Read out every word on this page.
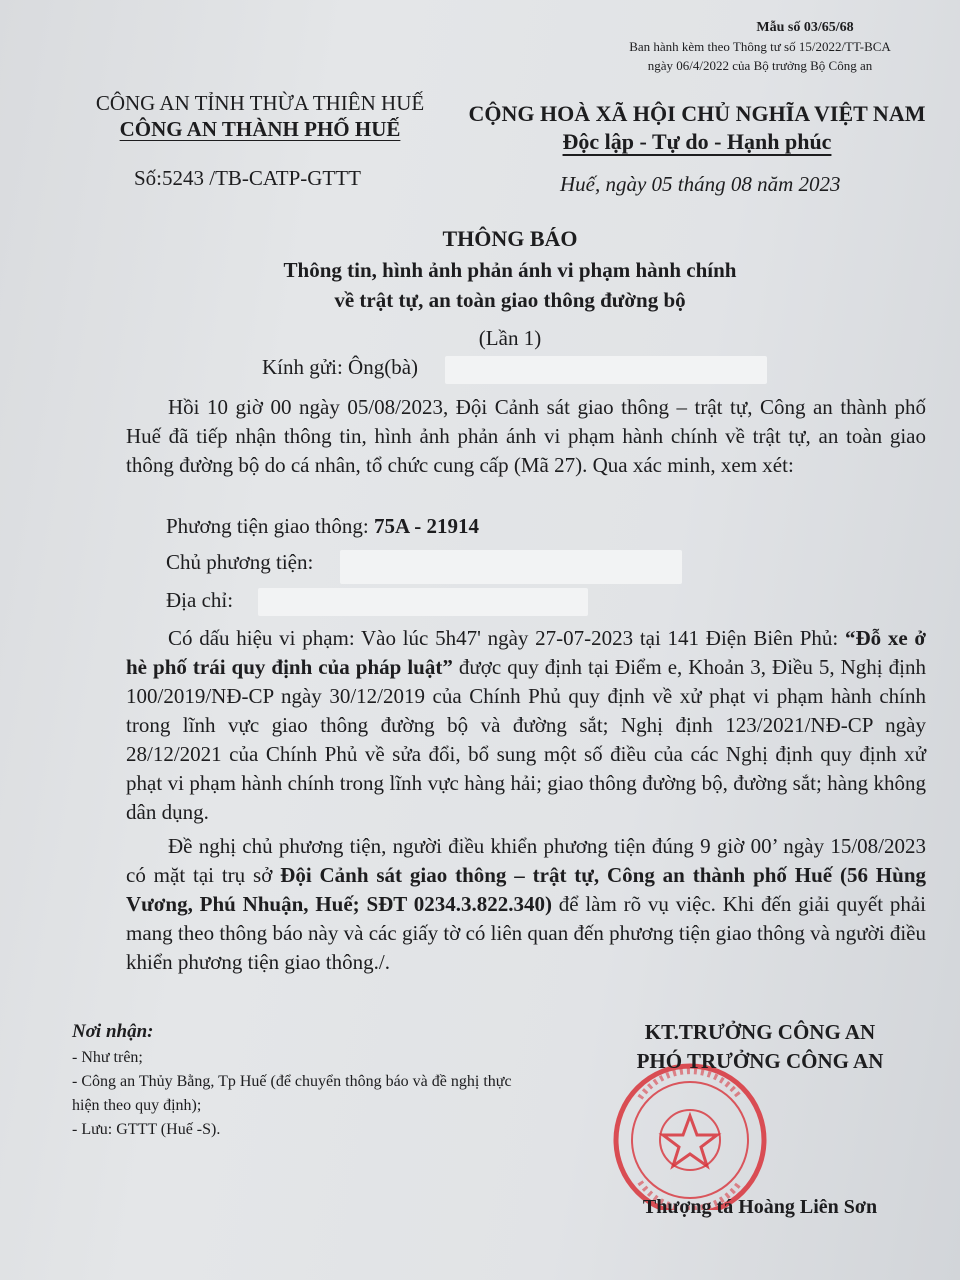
Mẫu số 03/65/68
Ban hành kèm theo Thông tư số 15/2022/TT-BCA
ngày 06/4/2022 của Bộ trưởng Bộ Công an
CÔNG AN TỈNH THỪA THIÊN HUẾ
CÔNG AN THÀNH PHỐ HUẾ
CỘNG HOÀ XÃ HỘI CHỦ NGHĨA VIỆT NAM
Độc lập - Tự do - Hạnh phúc
Số:5243 /TB-CATP-GTTT	Huế, ngày 05 tháng 08 năm 2023
THÔNG BÁO
Thông tin, hình ảnh phản ánh vi phạm hành chính
về trật tự, an toàn giao thông đường bộ
(Lần 1)
Kính gửi: Ông(bà)

Hồi 10 giờ 00 ngày 05/08/2023, Đội Cảnh sát giao thông – trật tự, Công an thành phố Huế đã tiếp nhận thông tin, hình ảnh phản ánh vi phạm hành chính về trật tự, an toàn giao thông đường bộ do cá nhân, tổ chức cung cấp (Mã 27). Qua xác minh, xem xét:

Phương tiện giao thông: 75A - 21914
Chủ phương tiện:
Địa chỉ:

Có dấu hiệu vi phạm: Vào lúc 5h47' ngày 27-07-2023 tại 141 Điện Biên Phủ: “Đỗ xe ở hè phố trái quy định của pháp luật” được quy định tại Điểm e, Khoản 3, Điều 5, Nghị định 100/2019/NĐ-CP ngày 30/12/2019 của Chính Phủ quy định về xử phạt vi phạm hành chính trong lĩnh vực giao thông đường bộ và đường sắt; Nghị định 123/2021/NĐ-CP ngày 28/12/2021 của Chính Phủ về sửa đổi, bổ sung một số điều của các Nghị định quy định xử phạt vi phạm hành chính trong lĩnh vực hàng hải; giao thông đường bộ, đường sắt; hàng không dân dụng.

Đề nghị chủ phương tiện, người điều khiển phương tiện đúng 9 giờ 00’ ngày 15/08/2023 có mặt tại trụ sở Đội Cảnh sát giao thông – trật tự, Công an thành phố Huế (56 Hùng Vương, Phú Nhuận, Huế; SĐT 0234.3.822.340) để làm rõ vụ việc. Khi đến giải quyết phải mang theo thông báo này và các giấy tờ có liên quan đến phương tiện giao thông và người điều khiển phương tiện giao thông./.

Nơi nhận:
- Như trên;
- Công an Thủy Bằng, Tp Huế (để chuyển thông báo và đề nghị thực hiện theo quy định);
- Lưu: GTTT (Huế -S).
KT.TRƯỞNG CÔNG AN
PHÓ TRƯỞNG CÔNG AN
Thượng tá Hoàng Liên Sơn
